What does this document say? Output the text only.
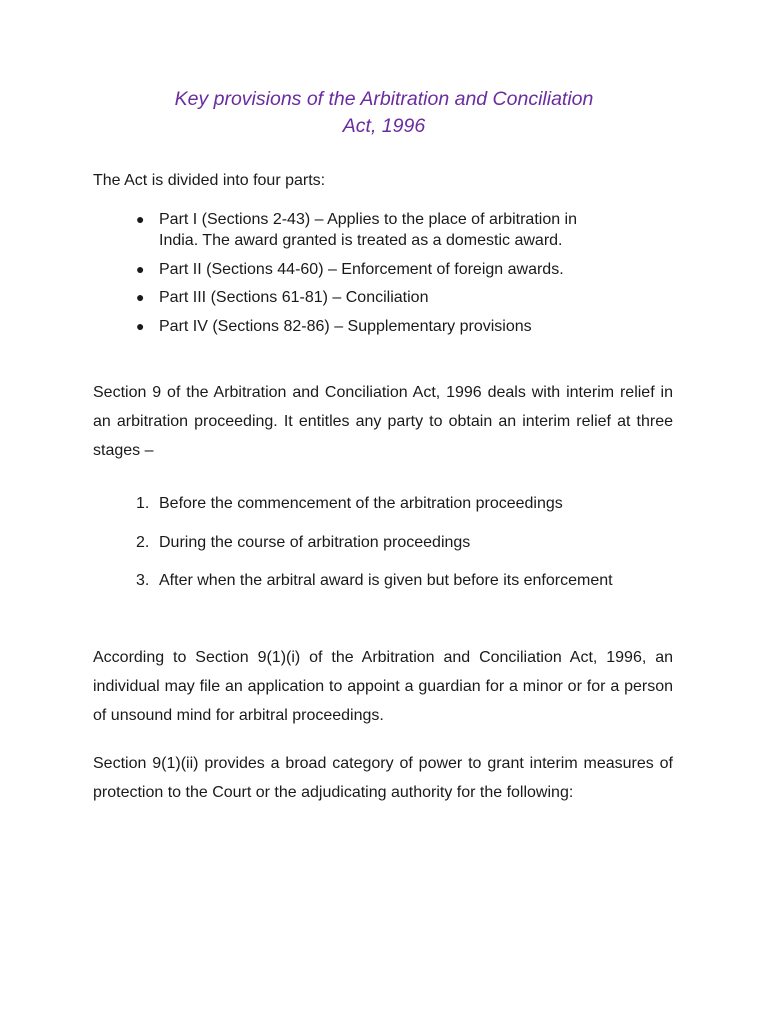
Key provisions of the Arbitration and Conciliation
Act, 1996

The Act is divided into four parts:

● Part I (Sections 2-43) – Applies to the place of arbitration in
India. The award granted is treated as a domestic award.
● Part II (Sections 44-60) – Enforcement of foreign awards.
● Part III (Sections 61-81) – Conciliation
● Part IV (Sections 82-86) – Supplementary provisions

Section 9 of the Arbitration and Conciliation Act, 1996 deals with interim relief in an arbitration proceeding. It entitles any party to obtain an interim relief at three stages –

1. Before the commencement of the arbitration proceedings
2. During the course of arbitration proceedings
3. After when the arbitral award is given but before its enforcement

According to Section 9(1)(i) of the Arbitration and Conciliation Act, 1996, an individual may file an application to appoint a guardian for a minor or for a person of unsound mind for arbitral proceedings.

Section 9(1)(ii) provides a broad category of power to grant interim measures of protection to the Court or the adjudicating authority for the following:
